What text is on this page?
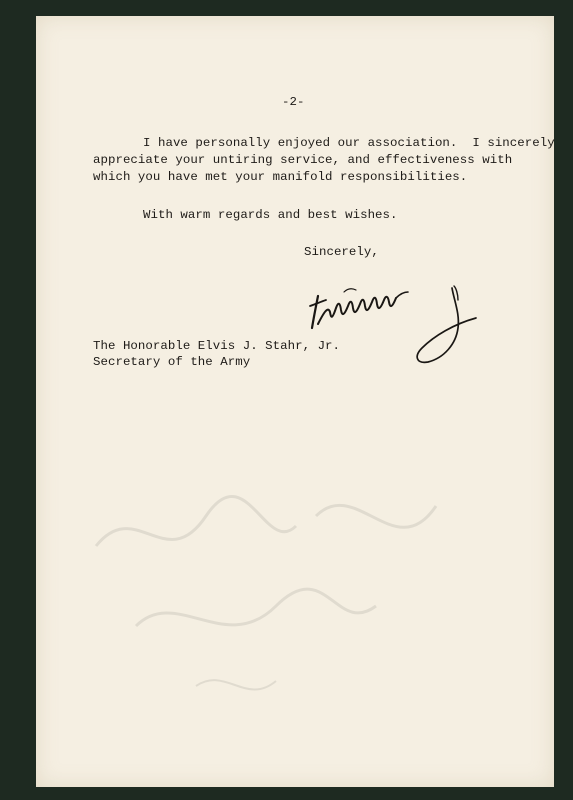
-2-
I have personally enjoyed our association.  I sincerely
appreciate your untiring service, and effectiveness with
which you have met your manifold responsibilities.
With warm regards and best wishes.
Sincerely,
The Honorable Elvis J. Stahr, Jr.
Secretary of the Army
